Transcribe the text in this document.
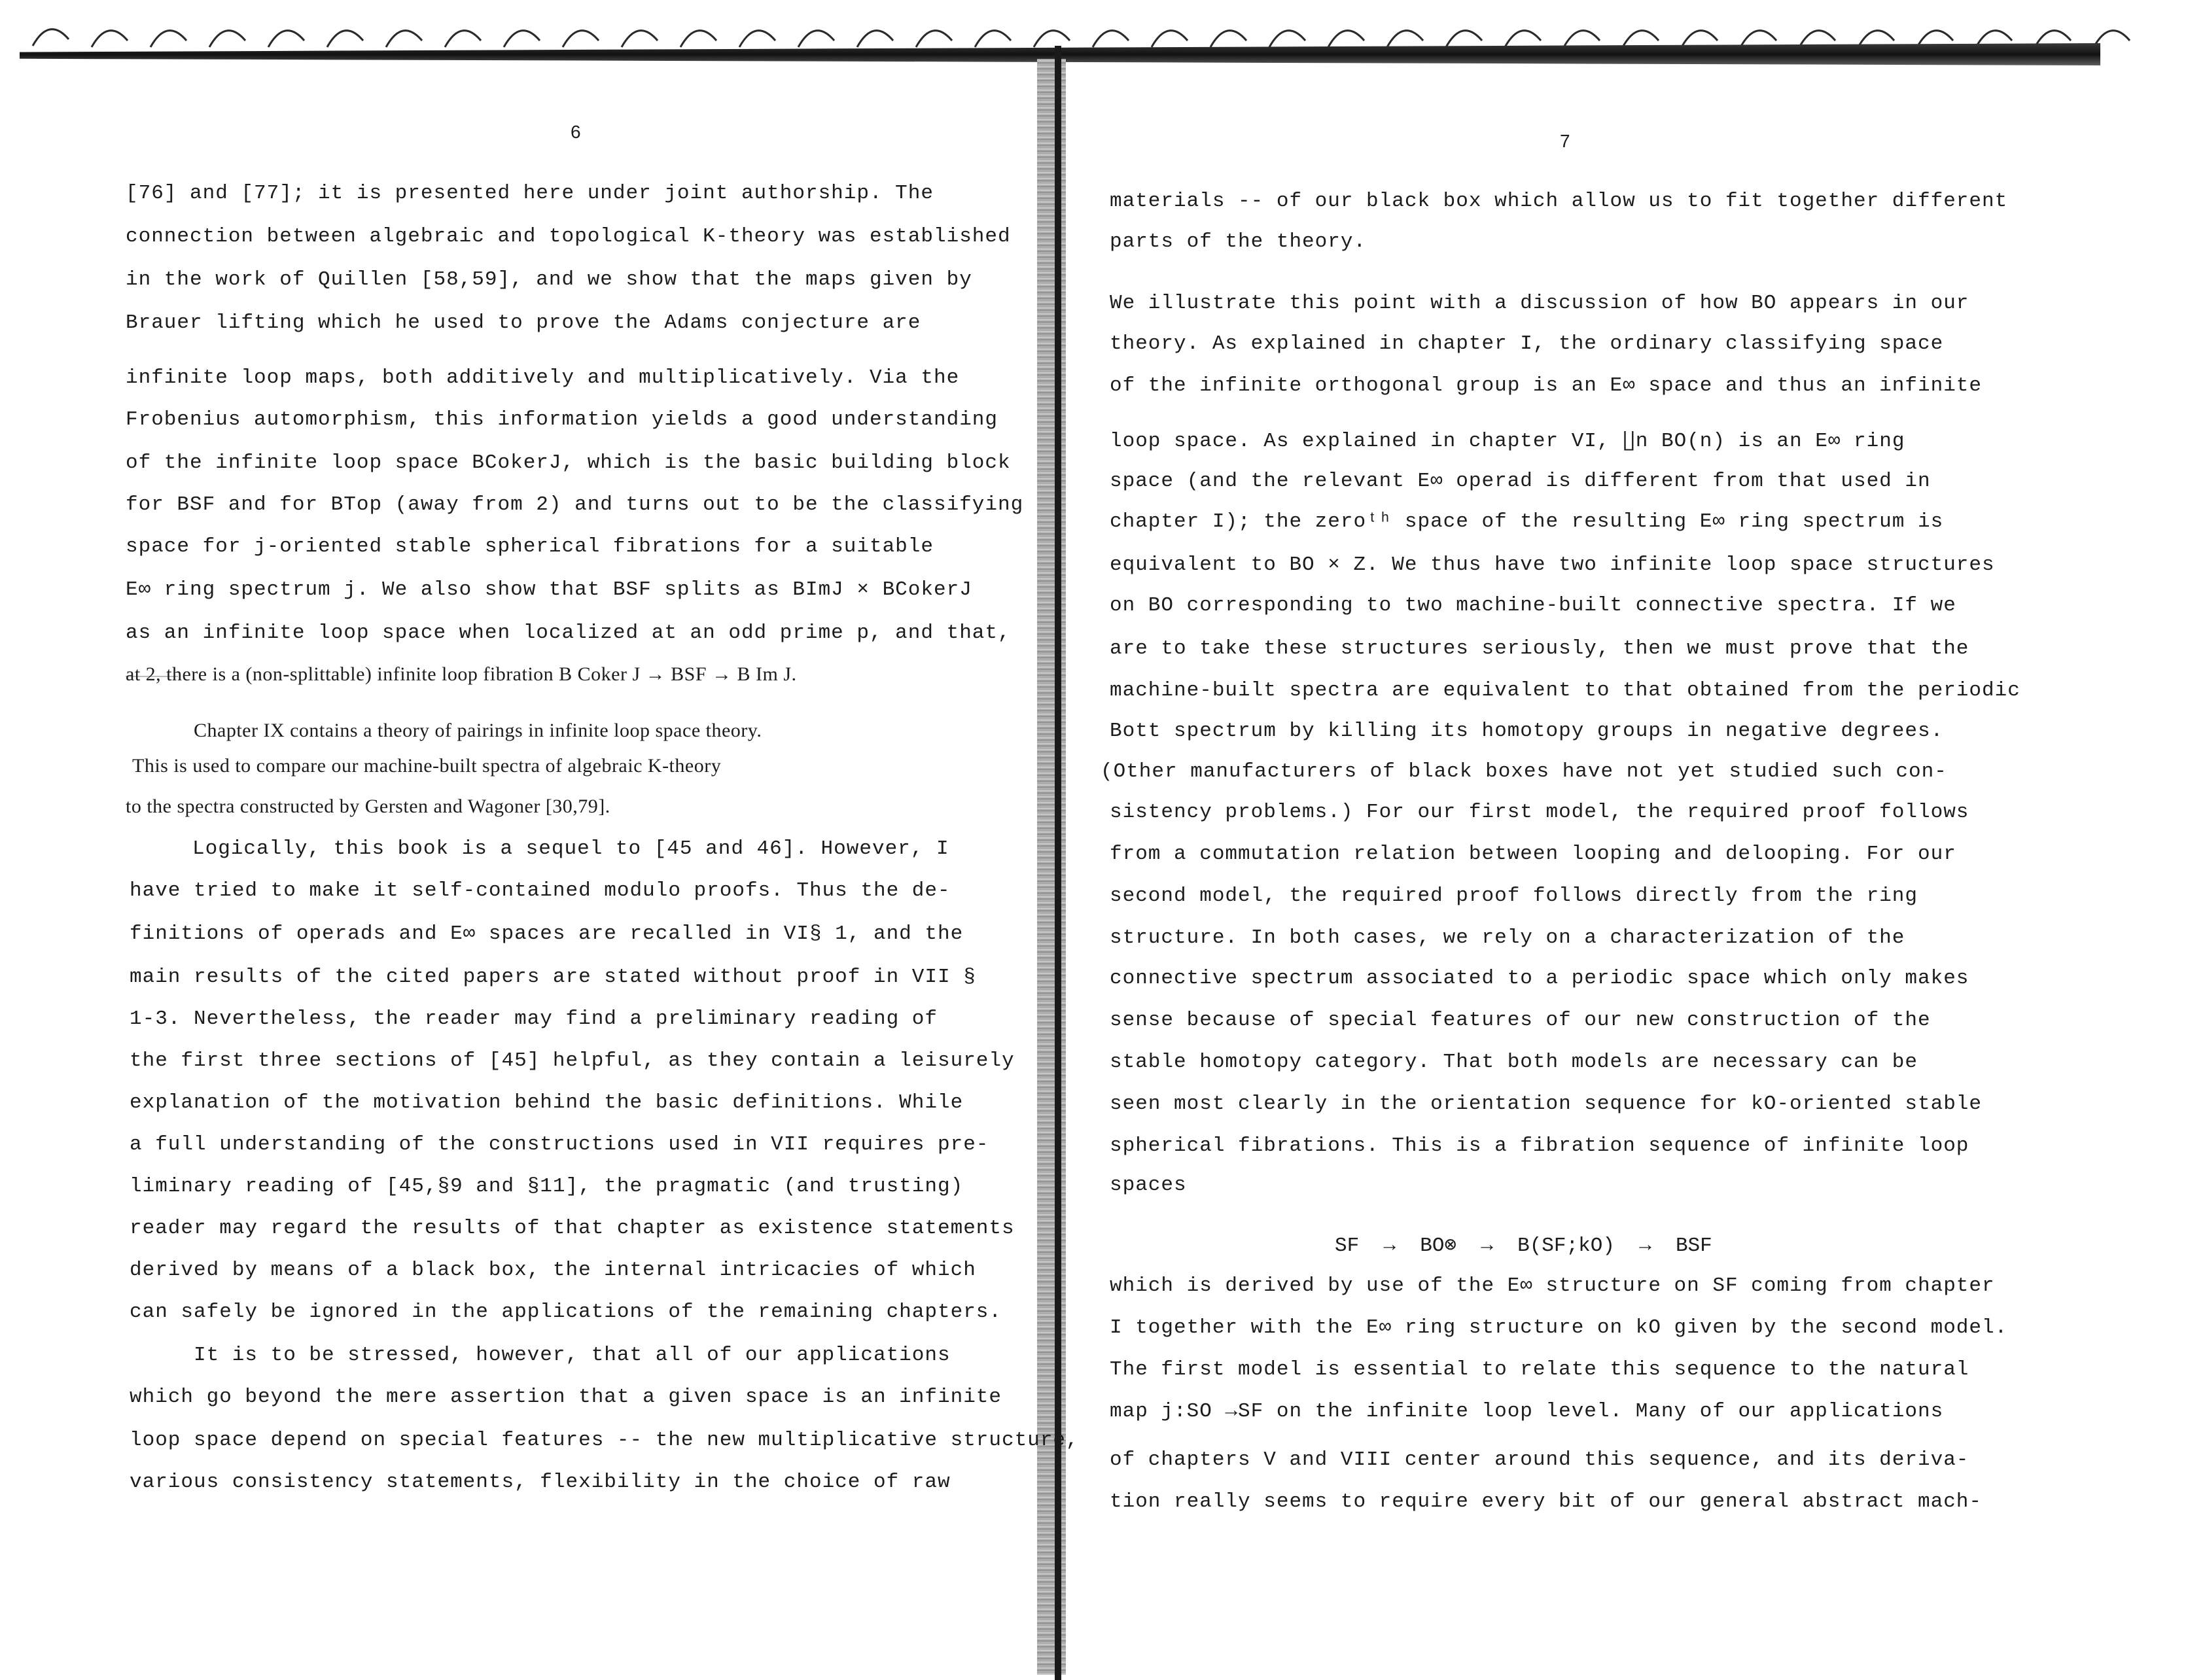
6	7
[76] and [77]; it is presented here under joint authorship. The
connection between algebraic and topological K-theory was established
in the work of Quillen [58,59], and we show that the maps given by
Brauer lifting which he used to prove the Adams conjecture are
infinite loop maps, both additively and multiplicatively. Via the
Frobenius automorphism, this information yields a good understanding
of the infinite loop space BCokerJ, which is the basic building block
for BSF and for BTop (away from 2) and turns out to be the classifying
space for j-oriented stable spherical fibrations for a suitable
E∞ ring spectrum j. We also show that BSF splits as BImJ × BCokerJ
as an infinite loop space when localized at an odd prime p, and that,
at 2, there is a (non-splittable) infinite loop fibration B Coker J → BSF → B Im J.
Chapter IX contains a theory of pairings in infinite loop space theory.
This is used to compare our machine-built spectra of algebraic K-theory
to the spectra constructed by Gersten and Wagoner [30,79].
Logically, this book is a sequel to [45 and 46]. However, I
have tried to make it self-contained modulo proofs. Thus the de-
finitions of operads and E∞ spaces are recalled in VI§ 1, and the
main results of the cited papers are stated without proof in VII §
1-3. Nevertheless, the reader may find a preliminary reading of
the first three sections of [45] helpful, as they contain a leisurely
explanation of the motivation behind the basic definitions. While
a full understanding of the constructions used in VII requires pre-
liminary reading of [45,§9 and §11], the pragmatic (and trusting)
reader may regard the results of that chapter as existence statements
derived by means of a black box, the internal intricacies of which
can safely be ignored in the applications of the remaining chapters.
It is to be stressed, however, that all of our applications
which go beyond the mere assertion that a given space is an infinite
loop space depend on special features -- the new multiplicative structure,
various consistency statements, flexibility in the choice of raw
materials -- of our black box which allow us to fit together different
parts of the theory.
We illustrate this point with a discussion of how BO appears in our
theory. As explained in chapter I, the ordinary classifying space
of the infinite orthogonal group is an E∞ space and thus an infinite
loop space. As explained in chapter VI, ∐n BO(n) is an E∞ ring
space (and the relevant E∞ operad is different from that used in
chapter I); the zeroᵗʰ space of the resulting E∞ ring spectrum is
equivalent to BO × Z. We thus have two infinite loop space structures
on BO corresponding to two machine-built connective spectra. If we
are to take these structures seriously, then we must prove that the
machine-built spectra are equivalent to that obtained from the periodic
Bott spectrum by killing its homotopy groups in negative degrees.
(Other manufacturers of black boxes have not yet studied such con-
sistency problems.) For our first model, the required proof follows
from a commutation relation between looping and delooping. For our
second model, the required proof follows directly from the ring
structure. In both cases, we rely on a characterization of the
connective spectrum associated to a periodic space which only makes
sense because of special features of our new construction of the
stable homotopy category. That both models are necessary can be
seen most clearly in the orientation sequence for kO-oriented stable
spherical fibrations. This is a fibration sequence of infinite loop
spaces
SF  →  BO⊗  →  B(SF;kO)  →  BSF
which is derived by use of the E∞ structure on SF coming from chapter
I together with the E∞ ring structure on kO given by the second model.
The first model is essential to relate this sequence to the natural
map j:SO →SF on the infinite loop level. Many of our applications
of chapters V and VIII center around this sequence, and its deriva-
tion really seems to require every bit of our general abstract mach-
